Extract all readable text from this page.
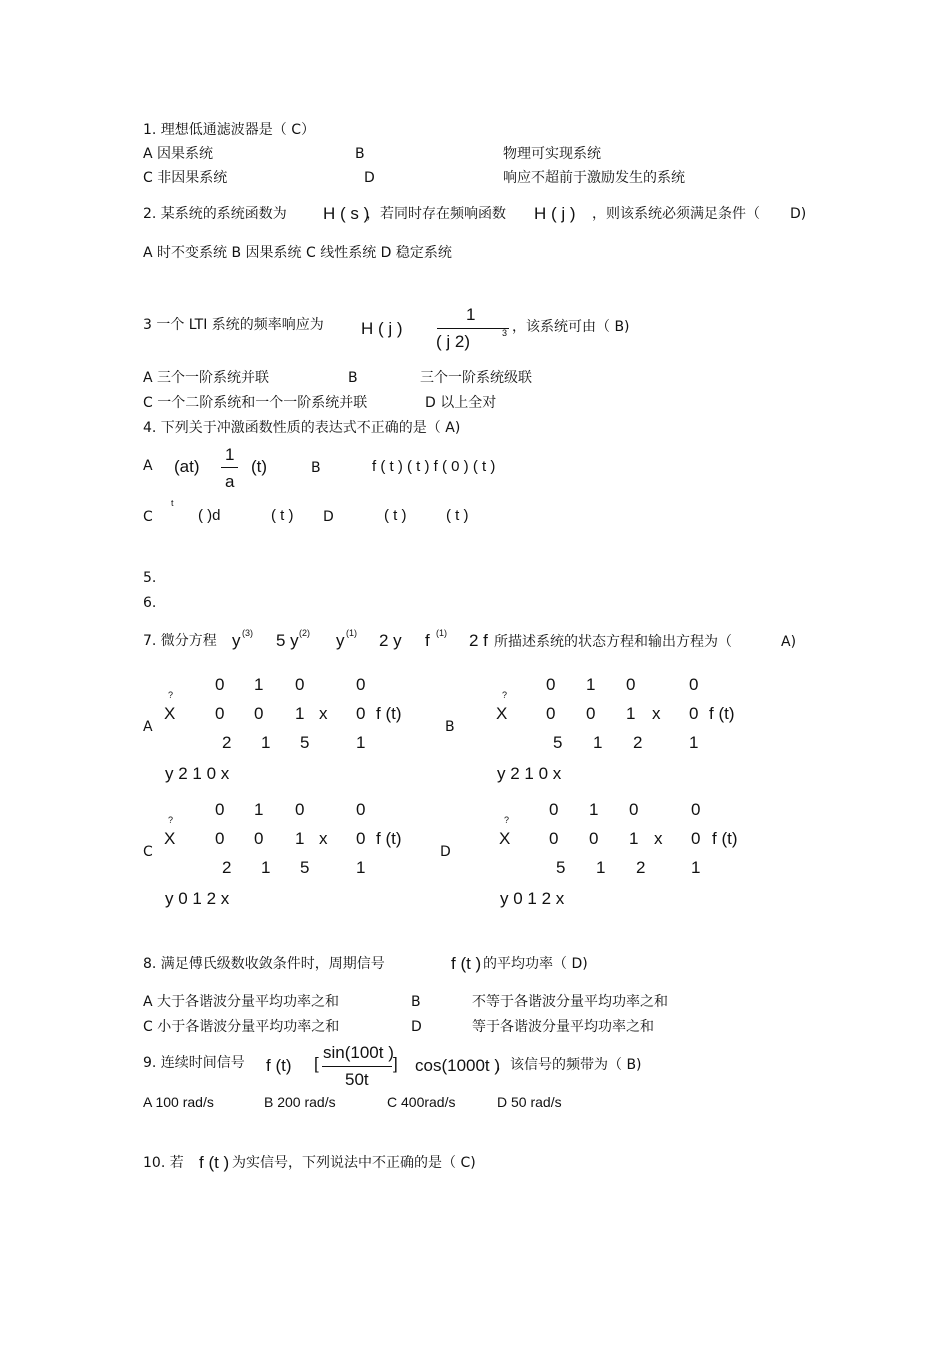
1. 理想低通滤波器是（ C）
A 因果系统	B	物理可实现系统
C 非因果系统	D	响应不超前于激励发生的系统
2. 某系统的系统函数为 H ( s )
，若同时存在频响函数 H ( j ) ，则该系统必须满足条件（ D)
A 时不变系统 B 因果系统 C 线性系统 D 稳定系统
3 一个 LTI 系统的频率响应为 H ( j )
1
( j 2)	3 ，该系统可由（ B)
A 三个一阶系统并联	B	三个一阶系统级联
C 一个二阶系统和一个一阶系统并联	D 以上全对
4. 下列关于冲激函数性质的表达式不正确的是（ A)
A (at)
1
a
(t)	B	f ( t ) ( t ) f ( 0 ) ( t )
C
t
( )d	( t ) D	( t )	( t )
5.
6.
7. 微分方程 y (3) 5 y (2) y (1) 2 y f (1) 2 f 所描述系统的状态方程和输出方程为（	A)
A
?
X
0 1 0	0
0 0 1 x 0 f (t)
2 1 5	1
y 2 1 0 x
B
?
X
0 1 0	0
0 0 1 x 0 f (t)
5 1 2	1
y 2 1 0 x
C
?
X
0 1 0	0
0 0 1 x 0 f (t)
2 1 5	1
y 0 1 2 x
D
?
X
0 1 0	0
0 0 1 x 0 f (t)
5 1 2	1
y 0 1 2 x
8. 满足傅氏级数收敛条件时，周期信号	f (t ) 的平均功率（ D)
A 大于各谐波分量平均功率之和	B	不等于各谐波分量平均功率之和
C 小于各谐波分量平均功率之和	D	等于各谐波分量平均功率之和
9. 连续时间信号 f (t) [
sin(100t )
50t
] cos(1000t )
，该信号的频带为（ B)
A 100 rad/s	B 200 rad/s	C 400rad/s	D 50 rad/s
10. 若 f (t ) 为实信号，下列说法中不正确的是（ C)
